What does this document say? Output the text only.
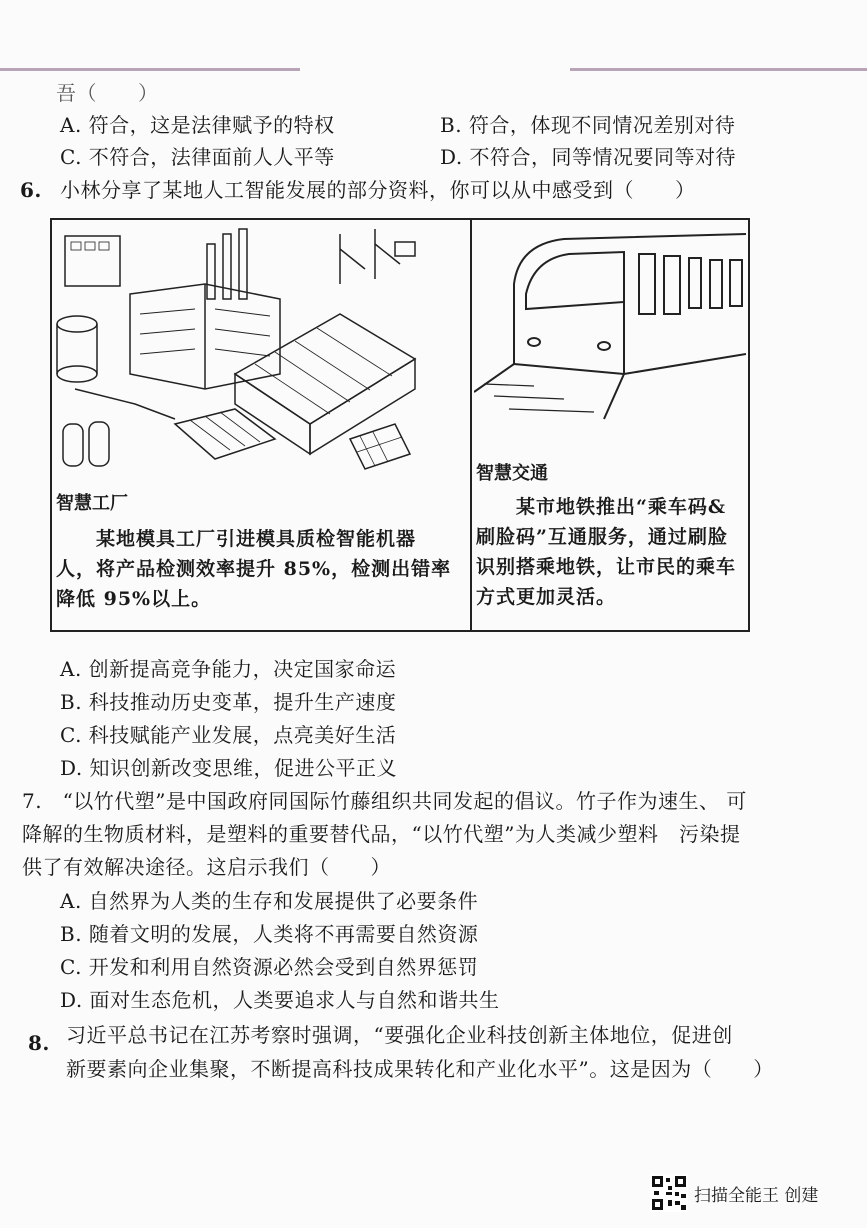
吾（　　）
A. 符合，这是法律赋予的特权	B. 符合，体现不同情况差别对待
C. 不符合，法律面前人人平等	D. 不符合，同等情况要同等对待
6. 小林分享了某地人工智能发展的部分资料，你可以从中感受到（　　）
智慧工厂
　　某地模具工厂引进模具质检智能机器
人，将产品检测效率提升 85%，检测出错率
降低 95%以上。
智慧交通
　　某市地铁推出“乘车码&
刷脸码”互通服务，通过刷脸
识别搭乘地铁，让市民的乘车
方式更加灵活。
A. 创新提高竞争能力，决定国家命运
B. 科技推动历史变革，提升生产速度
C. 科技赋能产业发展，点亮美好生活
D. 知识创新改变思维，促进公平正义
7.　“以竹代塑”是中国政府同国际竹藤组织共同发起的倡议。竹子作为速生、 可
降解的生物质材料，是塑料的重要替代品，“以竹代塑”为人类减少塑料　污染提
供了有效解决途径。这启示我们（　　）
A. 自然界为人类的生存和发展提供了必要条件
B. 随着文明的发展，人类将不再需要自然资源
C. 开发和利用自然资源必然会受到自然界惩罚
D. 面对生态危机，人类要追求人与自然和谐共生
8. 习近平总书记在江苏考察时强调，“要强化企业科技创新主体地位，促进创
新要素向企业集聚，不断提高科技成果转化和产业化水平”。这是因为（　　）
扫描全能王 创建
